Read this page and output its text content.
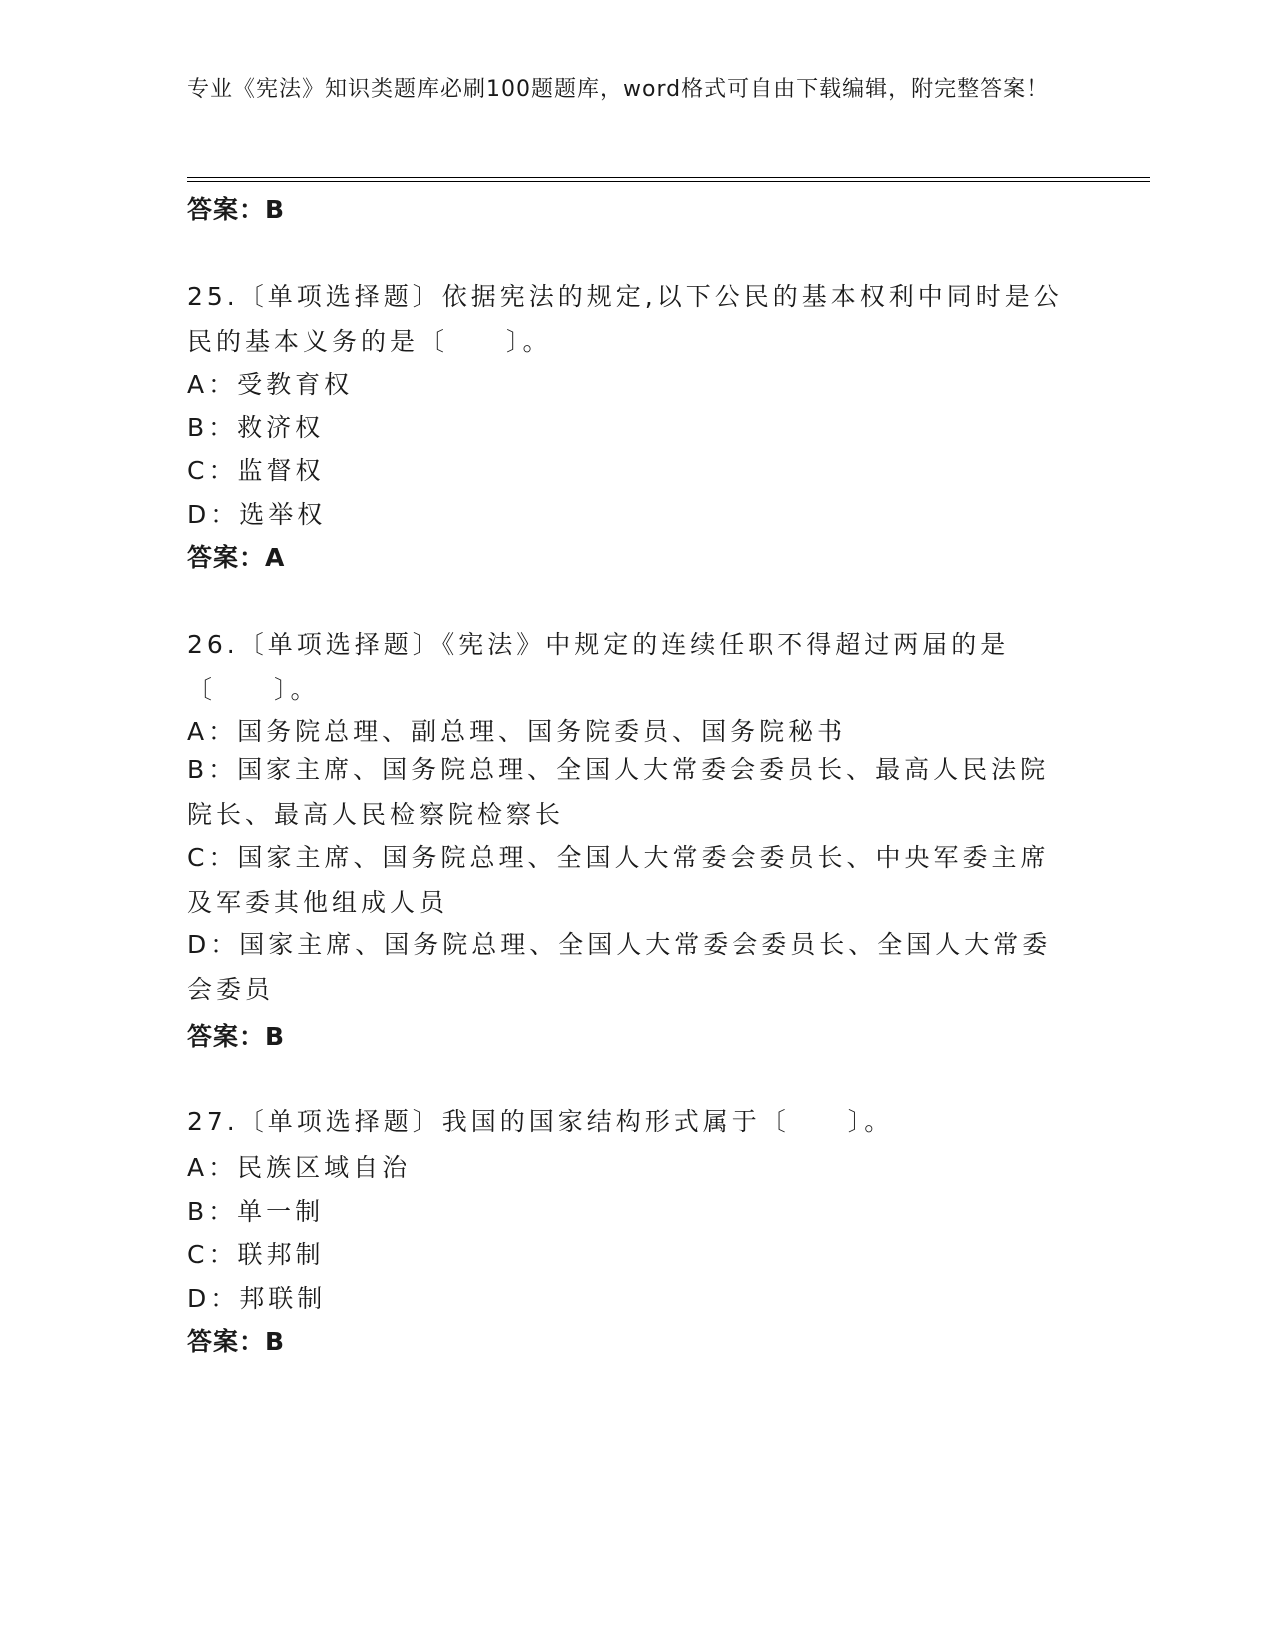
专业《宪法》知识类题库必刷100题题库，word格式可自由下载编辑，附完整答案！
答案：B
25.〔单项选择题〕依据宪法的规定,以下公民的基本权利中同时是公民的基本义务的是〔　　〕。
A：受教育权
B：救济权
C：监督权
D：选举权
答案：A
26.〔单项选择题〕《宪法》中规定的连续任职不得超过两届的是〔　　〕。
A：国务院总理、副总理、国务院委员、国务院秘书
B：国家主席、国务院总理、全国人大常委会委员长、最高人民法院院长、最高人民检察院检察长
C：国家主席、国务院总理、全国人大常委会委员长、中央军委主席及军委其他组成人员
D：国家主席、国务院总理、全国人大常委会委员长、全国人大常委会委员
答案：B
27.〔单项选择题〕我国的国家结构形式属于〔　　〕。
A：民族区域自治
B：单一制
C：联邦制
D：邦联制
答案：B
